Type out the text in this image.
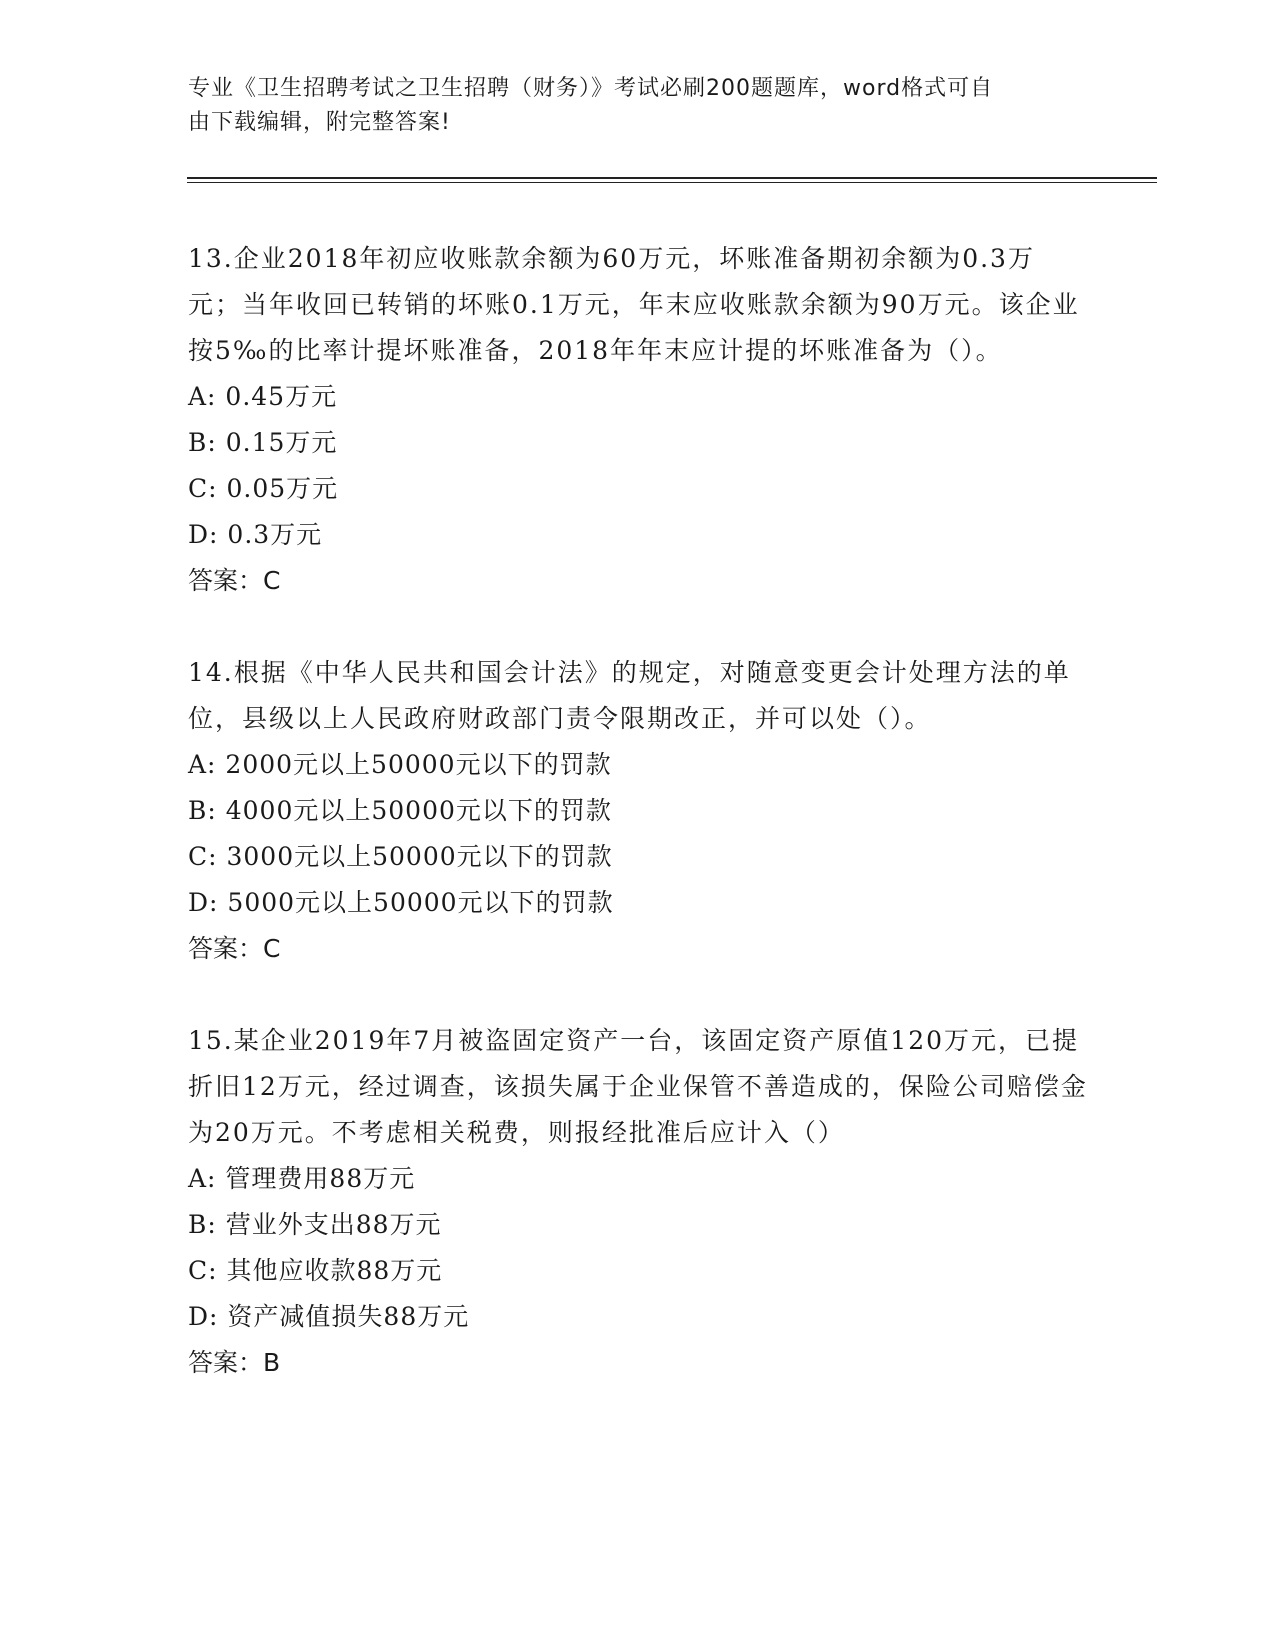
专业《卫生招聘考试之卫生招聘（财务）》考试必刷200题题库，word格式可自
由下载编辑，附完整答案!

13.企业2018年初应收账款余额为60万元，坏账准备期初余额为0.3万元；当年收回已转销的坏账0.1万元，年末应收账款余额为90万元。该企业按5‰的比率计提坏账准备，2018年年末应计提的坏账准备为（）。

A: 0.45万元

B: 0.15万元

C: 0.05万元

D: 0.3万元

答案：C

14.根据《中华人民共和国会计法》的规定，对随意变更会计处理方法的单位，县级以上人民政府财政部门责令限期改正，并可以处（）。

A: 2000元以上50000元以下的罚款

B: 4000元以上50000元以下的罚款

C: 3000元以上50000元以下的罚款

D: 5000元以上50000元以下的罚款

答案：C

15.某企业2019年7月被盗固定资产一台，该固定资产原值120万元，已提折旧12万元，经过调查，该损失属于企业保管不善造成的，保险公司赔偿金为20万元。不考虑相关税费，则报经批准后应计入（）

A: 管理费用88万元

B: 营业外支出88万元

C: 其他应收款88万元

D: 资产减值损失88万元

答案：B
